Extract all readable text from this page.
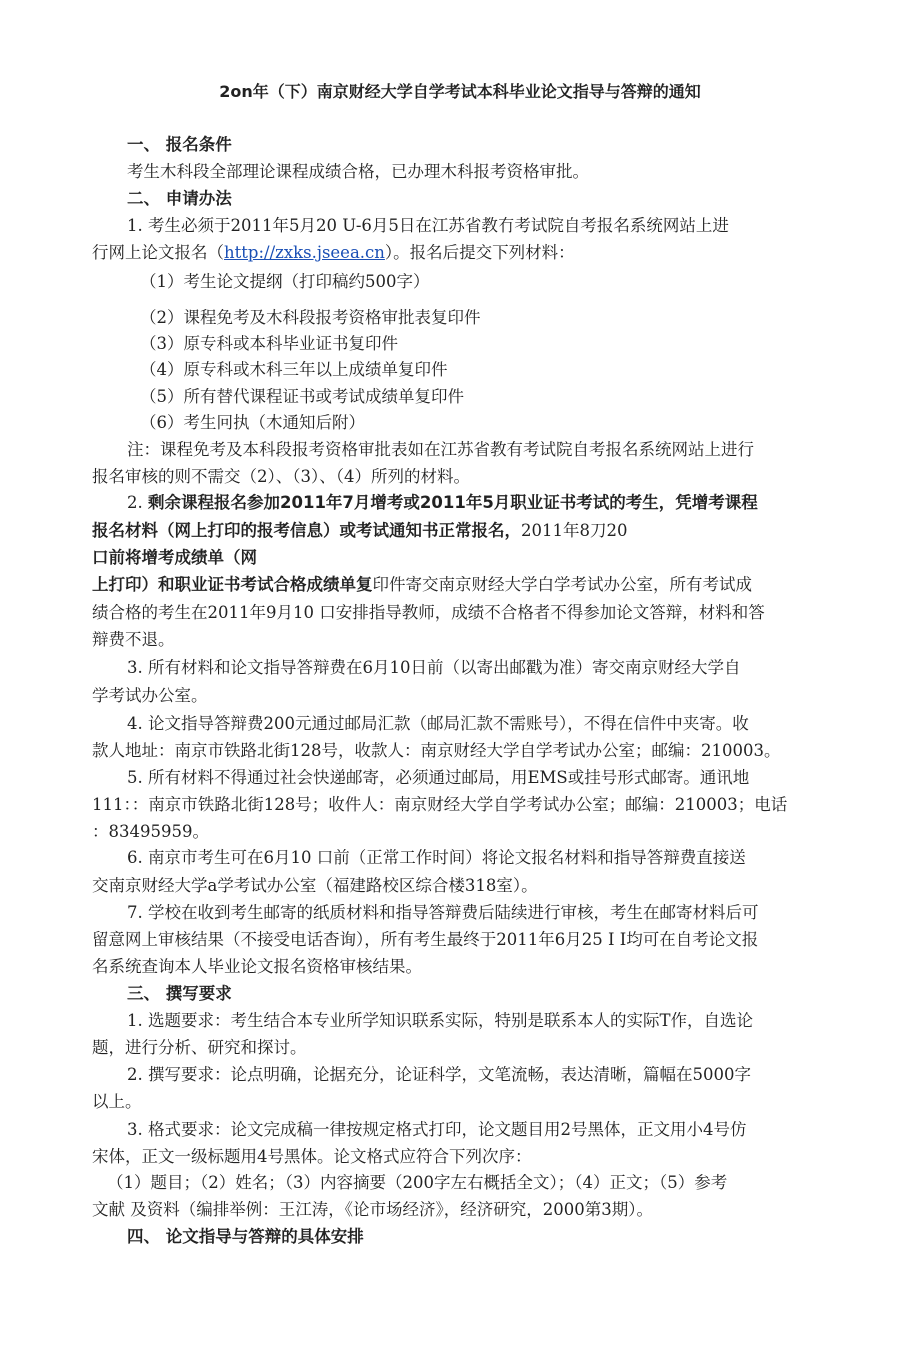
2on年（下）南京财经大学自学考试本科毕业论文指导与答辩的通知
一、 报名条件
考生木科段全部理论课程成绩合格，已办理木科报考资格审批。
二、 申请办法
1. 考生必须于2011年5月20 U-6月5日在江苏省教冇考试院自考报名系统网站上进
行网上论文报名（http://zxks.jseea.cn）。报名后提交下列材料：
（1）考生论文提纲（打印稿约500字）
（2）课程免考及木科段报考资格审批表复印件
（3）原专科或本科毕业证书复印件
（4）原专科或木科三年以上成绩单复印件
（5）所有替代课程证书或考试成绩单复印件
（6）考生冋执（木通知后附）
注：课程免考及本科段报考资格审批表如在江苏省教有考试院自考报名系统网站上进行
报名审核的则不需交（2）、（3）、（4）所列的材料。
2. 剩余课程报名参加2011年7月增考或2011年5月职业证书考试的考生，凭增考课程
报名材料（网上打印的报考信息）或考试通知书正常报名，2011年8刀20
口前将增考成绩单（网
上打印）和职业证书考试合格成绩单复印件寄交南京财经大学白学考试办公室，所有考试成
绩合格的考生在2011年9月10 口安排指导教师，成绩不合格者不得参加论文答辩，材料和答
辩费不退。
3. 所有材料和论文指导答辩费在6月10日前（以寄出邮戳为准）寄交南京财经大学自
学考试办公室。
4. 论文指导答辩费200元通过邮局汇款（邮局汇款不需账号），不得在信件中夹寄。收
款人地址：南京市铁路北街128号，收款人：南京财经大学自学考试办公室；邮编：210003。
5. 所有材料不得通过社会快递邮寄，必须通过邮局，用EMS或挂号形式邮寄。通讯地
111：：南京市铁路北街128号；收件人：南京财经大学自学考试办公室；邮编：210003；电话
：83495959。
6. 南京市考生可在6月10 口前（正常工作时间）将论文报名材料和指导答辩费直接送
交南京财经大学a学考试办公室（福建路校区综合楼318室）。
7. 学校在收到考生邮寄的纸质材料和指导答辩费后陆续进行审核，考生在邮寄材料后可
留意网上审核结果（不接受电话杳询），所有考生最终于2011年6月25 I I均可在自考论文报
名系统查询本人毕业论文报名资格审核结果。
三、 撰写要求
1. 选题要求：考生结合本专业所学知识联系实际，特别是联系本人的实际T作，自选论
题，进行分析、研究和探讨。
2. 撰写要求：论点明确，论据充分，论证科学，文笔流畅，表达清晰，篇幅在5000字
以上。
3. 格式要求：论文完成稿一律按规定格式打印，论文题目用2号黑体，正文用小4号仿
宋体，正文一级标题用4号黑体。论文格式应符合下列次序：
（1）题目；（2）姓名；（3）内容摘要（200字左右概括全文）；（4）正文；（5）参考
文献 及资料（编排举例：王江涛，《论市场经济》，经济研究，2000第3期）。
四、 论文指导与答辩的具体安排
